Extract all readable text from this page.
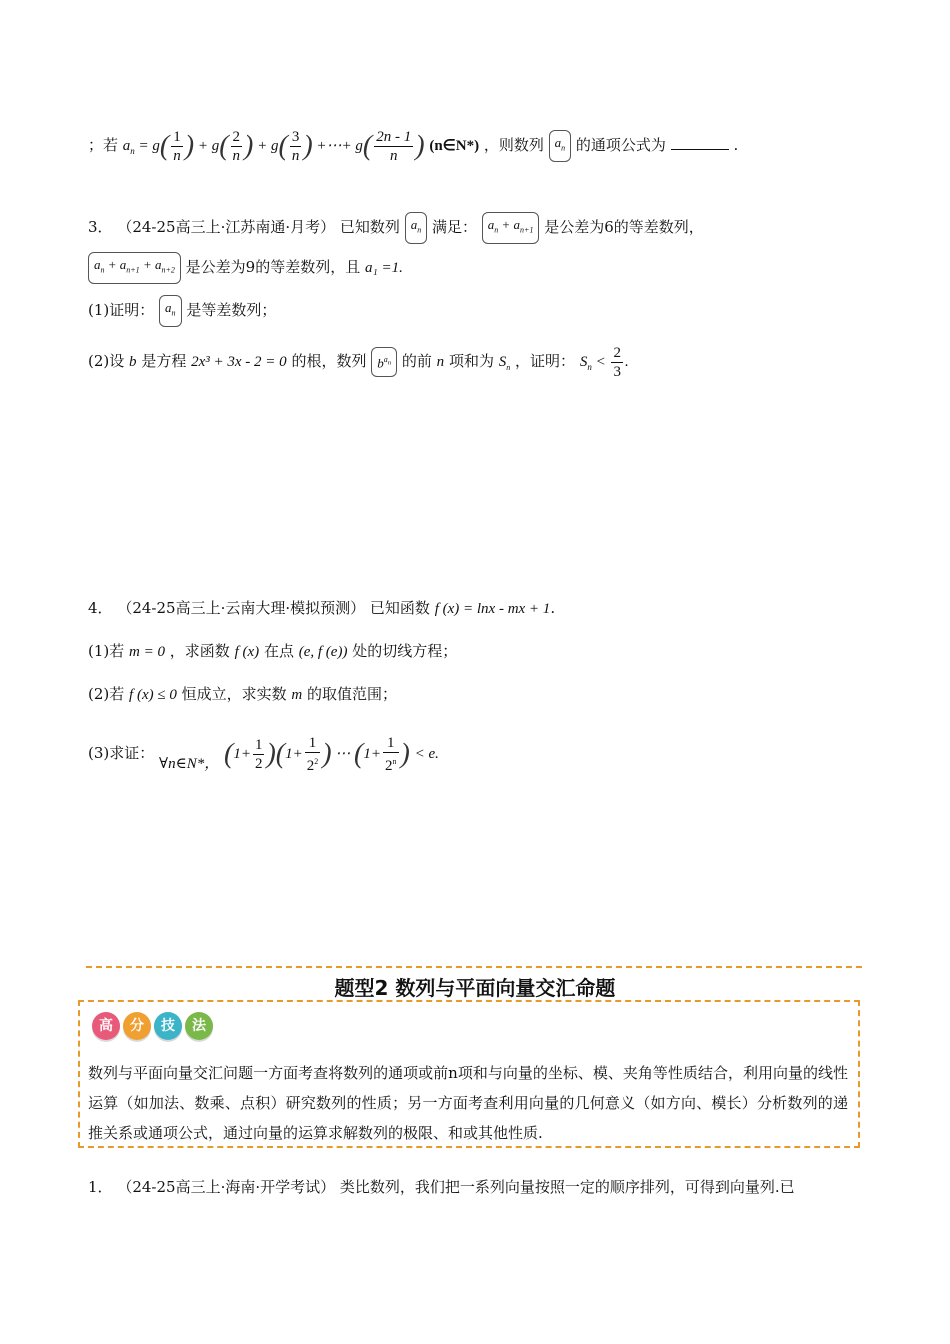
；若 $a_n = g( \frac{1}{n}$ ) + $g( \frac{2}{n}$ ) + $g( \frac{3}{n}$ ) +⋯+ $g( \frac{2n - 1}{n}$ ) (n∈N*) ，则数列 $a_n$ 的通项公式为	.
3． （24-25高三上·江苏南通·月考） 已知数列 $a_n$ 满足： $a_n + a_{n+1}$ 是公差为6的等差数列，
$a_n + a_{n+1} + a_{n+2}$ 是公差为9的等差数列，且 a₁ =1.
(1)证明： $a_n$ 是等差数列；
(2)设 b 是方程 2x³ + 3x - 2 = 0 的根，数列 $b^{a_n}$ 的前 n 项和为 $S_n$ ，证明： $S_n < \frac{2}{3}$ .
4． （24-25高三上·云南大理·模拟预测） 已知函数 f (x) = lnx - mx + 1.
(1)若 m = 0 ，求函数 f (x) 在点 (e, f (e)) 处的切线方程；
(2)若 f (x) ≤ 0 恒成立，求实数 m 的取值范围；
(3)求证： ∀n∈N*， $(1+ \frac{1}{2} )(1+ \frac{1}{2^2}$ ) ⋯ ($1+ \frac{1}{2^n}$ ) < e.
题型2 数列与平面向量交汇命题
高 分 技 法
数列与平面向量交汇问题一方面考查将数列的通项或前n项和与向量的坐标、模、夹角等性质结合，利用向量的线性运算（如加法、数乘、点积）研究数列的性质；另一方面考查利用向量的几何意义（如方向、模长）分析数列的递推关系或通项公式，通过向量的运算求解数列的极限、和或其他性质.
1． （24-25高三上·海南·开学考试） 类比数列，我们把一系列向量按照一定的顺序排列，可得到向量列.已
